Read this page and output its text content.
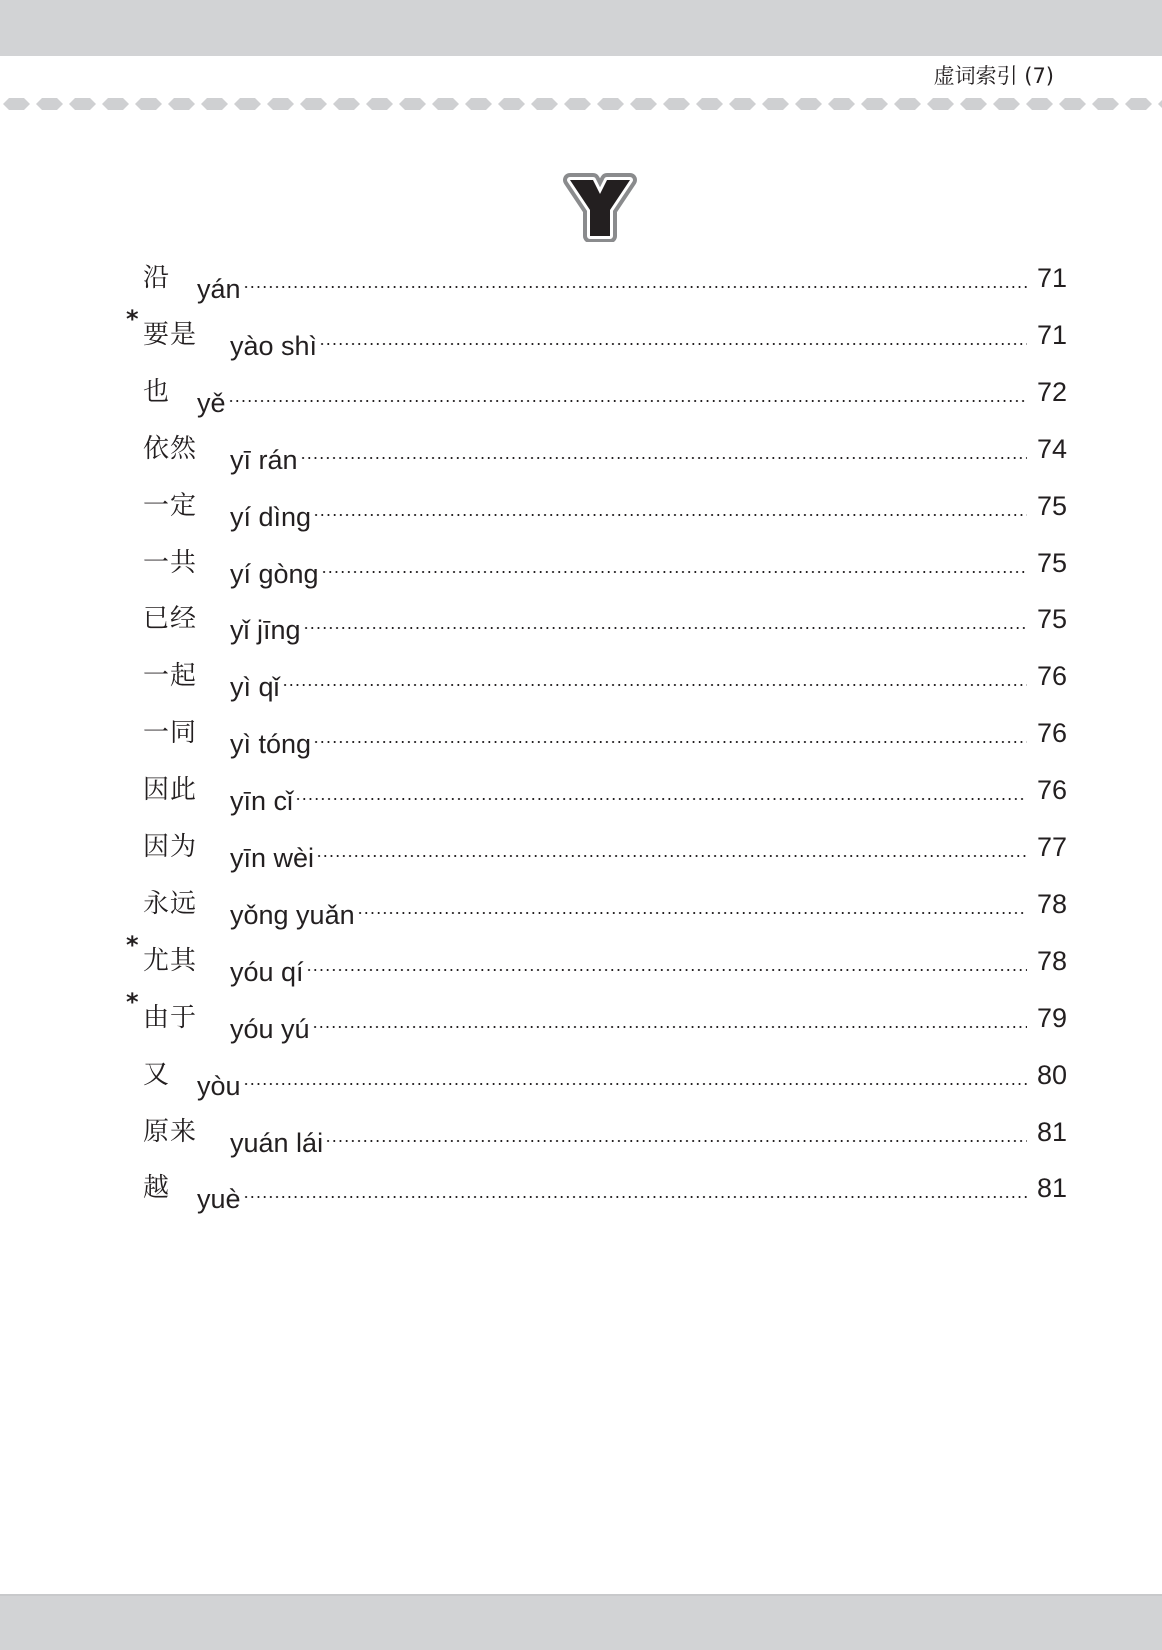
虚词索引 (7)
沿 yán	71
*
要是 yào shì	71
也 yě	72
依然 yī rán	74
一定 yí dìng	75
一共 yí gòng	75
已经 yǐ jīng	75
一起 yì qǐ	76
一同 yì tóng	76
因此 yīn cǐ	76
因为 yīn wèi	77
永远 yǒng yuǎn	78
*
尤其 yóu qí	78
*
由于 yóu yú	79
又 yòu	80
原来 yuán lái	81
越 yuè	81
